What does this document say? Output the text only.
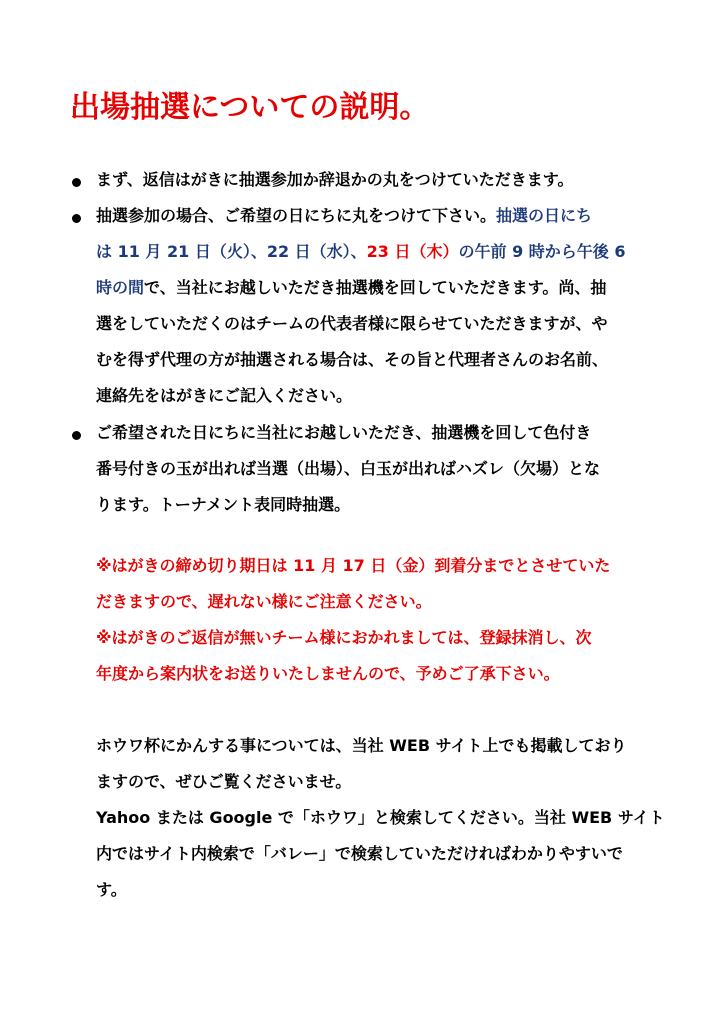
出場抽選についての説明。
まず、返信はがきに抽選参加か辞退かの丸をつけていただきます。
抽選参加の場合、ご希望の日にちに丸をつけて下さい。抽選の日にち
は 11 月 21 日（火）、22 日（水）、23 日（木）の午前 9 時から午後 6
時の間で、当社にお越しいただき抽選機を回していただきます。尚、抽
選をしていただくのはチームの代表者様に限らせていただきますが、や
むを得ず代理の方が抽選される場合は、その旨と代理者さんのお名前、
連絡先をはがきにご記入ください。
ご希望された日にちに当社にお越しいただき、抽選機を回して色付き
番号付きの玉が出れば当選（出場）、白玉が出ればハズレ（欠場）とな
ります。トーナメント表同時抽選。
※はがきの締め切り期日は 11 月 17 日（金）到着分までとさせていた
だきますので、遅れない様にご注意ください。
※はがきのご返信が無いチーム様におかれましては、登録抹消し、次
年度から案内状をお送りいたしませんので、予めご了承下さい。
ホウワ杯にかんする事については、当社 WEB サイト上でも掲載しており
ますので、ぜひご覧くださいませ。
Yahoo または Google で「ホウワ」と検索してください。当社 WEB サイト
内ではサイト内検索で「バレー」で検索していただければわかりやすいで
す。
